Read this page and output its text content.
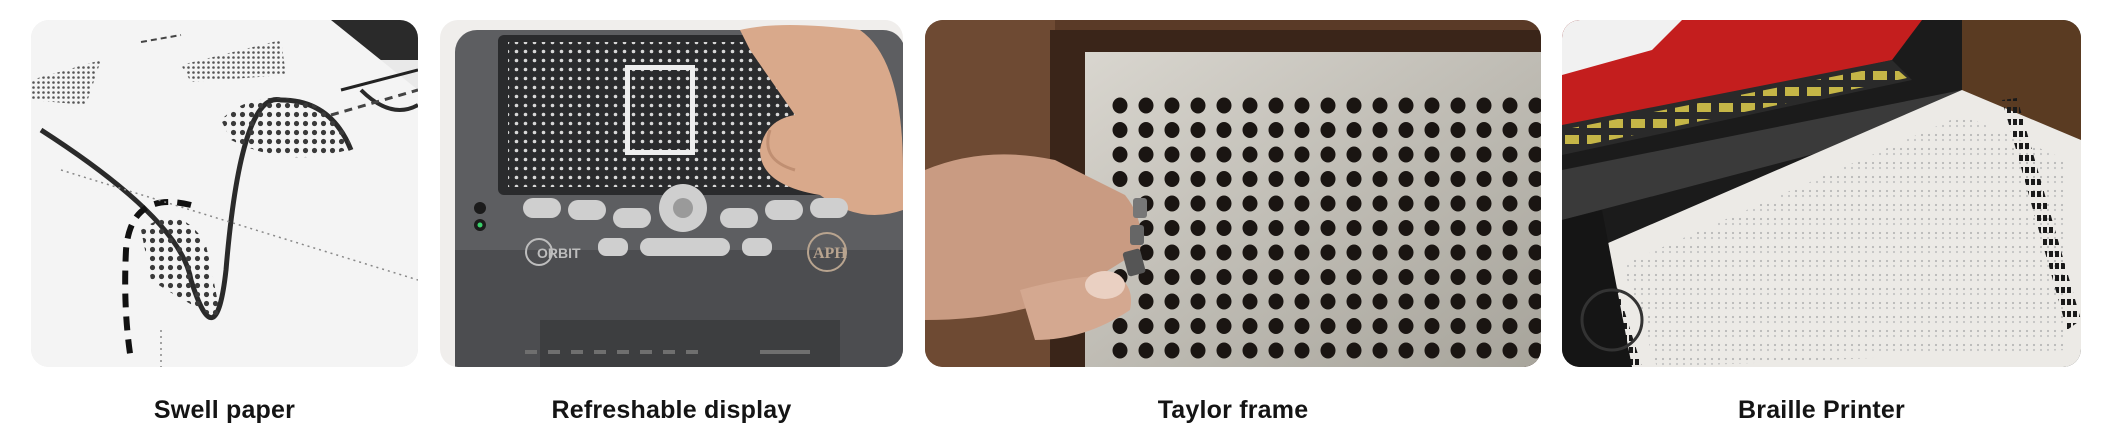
ORBIT	APH
Swell paper	Refreshable display	Taylor frame	Braille Printer
